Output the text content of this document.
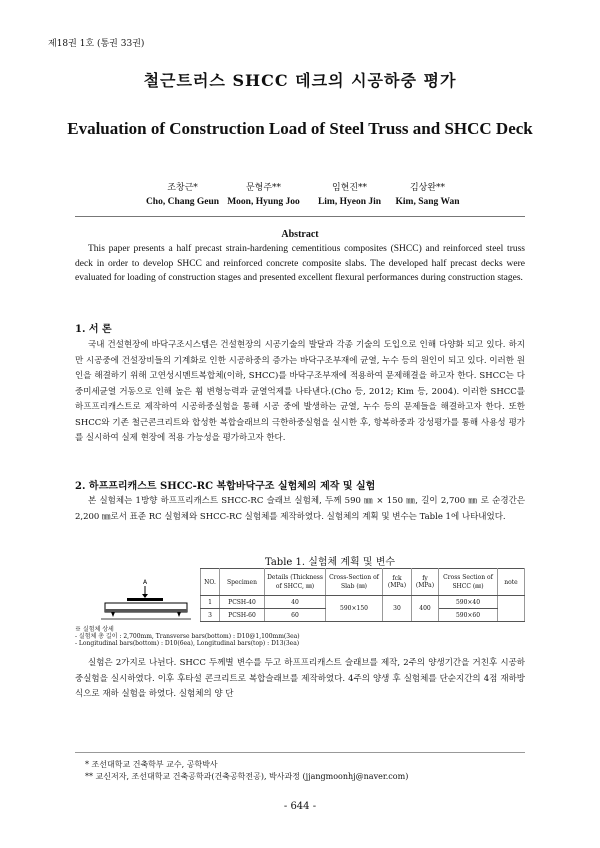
제18권 1호 (통권 33권)
철근트러스 SHCC 데크의 시공하중 평가
Evaluation of Construction Load of Steel Truss and SHCC Deck
조창근*
Cho, Chang Geun
문형주**
Moon, Hyung Joo
임현진**
Lim, Hyeon Jin
김상완**
Kim, Sang Wan
Abstract
This paper presents a half precast strain-hardening cementitious composites (SHCC) and reinforced steel truss deck in order to develop SHCC and reinforced concrete composite slabs. The developed half precast decks were evaluated for loading of construction stages and presented excellent flexural performances during construction stages.
1. 서 론
국내 건설현장에 바닥구조시스템은 건설현장의 시공기술의 발달과 각종 기술의 도입으로 인해 다양화 되고 있다. 하지만 시공중에 건설장비들의 기계화로 인한 시공하중의 증가는 바닥구조부재에 균열, 누수 등의 원인이 되고 있다. 이러한 원인을 해결하기 위해 고연성시멘트복합체(이하, SHCC)를 바닥구조부재에 적용하여 문제해결을 하고자 한다. SHCC는 다중미세균열 거동으로 인해 높은 휨 변형능력과 균열억제를 나타낸다.(Cho 등, 2012; Kim 등, 2004). 이러한 SHCC를 하프프리캐스트로 제작하여 시공하중실험을 통해 시공 중에 발생하는 균열, 누수 등의 문제들을 해결하고자 한다. 또한 SHCC와 기존 철근콘크리트와 합성한 복합슬래브의 극한하중실험을 실시한 후, 항복하중과 강성평가를 통해 사용성 평가를 실시하여 실제 현장에 적용 가능성을 평가하고자 한다.
2. 하프프리캐스트 SHCC-RC 복합바닥구조 실험체의 제작 및 실험
본 실험체는 1방향 하프프리캐스트 SHCC-RC 슬래브 실험체, 두께 590 ㎜ × 150 ㎜, 길이 2,700 ㎜ 로 순경간은 2,200 ㎜로서 표준 RC 실험체와 SHCC-RC 실험체를 제작하였다. 실험체의 계획 및 변수는 Table 1에 나타내었다.
Table 1. 실험체 계획 및 변수
A	NO.	Specimen	Details (Thickness of SHCC, ㎜)	Cross-Section of Slab (㎜)	fck (MPa)	fy (MPa)	Cross Section of SHCC (㎜)	note
1	PCSH-40	40	590×150	30	400	590×40	
3	PCSH-60	60				590×60	
※ 실험체 상세
- 실험체 총 길이 : 2,700mm, Transverse bars(bottom) : D10@1,100mm(3ea)
- Longitudinal bars(bottom) : D10(6ea), Longitudinal bars(top) : D13(3ea)
실험은 2가지로 나뉜다. SHCC 두께별 변수를 두고 하프프리캐스트 슬래브를 제작, 2주의 양생기간을 거친후 시공하중실험을 실시하였다. 이후 후타설 콘크리트로 복합슬래브를 제작하였다. 4주의 양생 후 실험체를 단순지간의 4점 재하방식으로 재하 실험을 하였다. 실험체의 양 단
* 조선대학교 건축학부 교수, 공학박사
** 교신저자, 조선대학교 건축공학과(건축공학전공), 박사과정 (jjangmoonhj@naver.com)
- 644 -
